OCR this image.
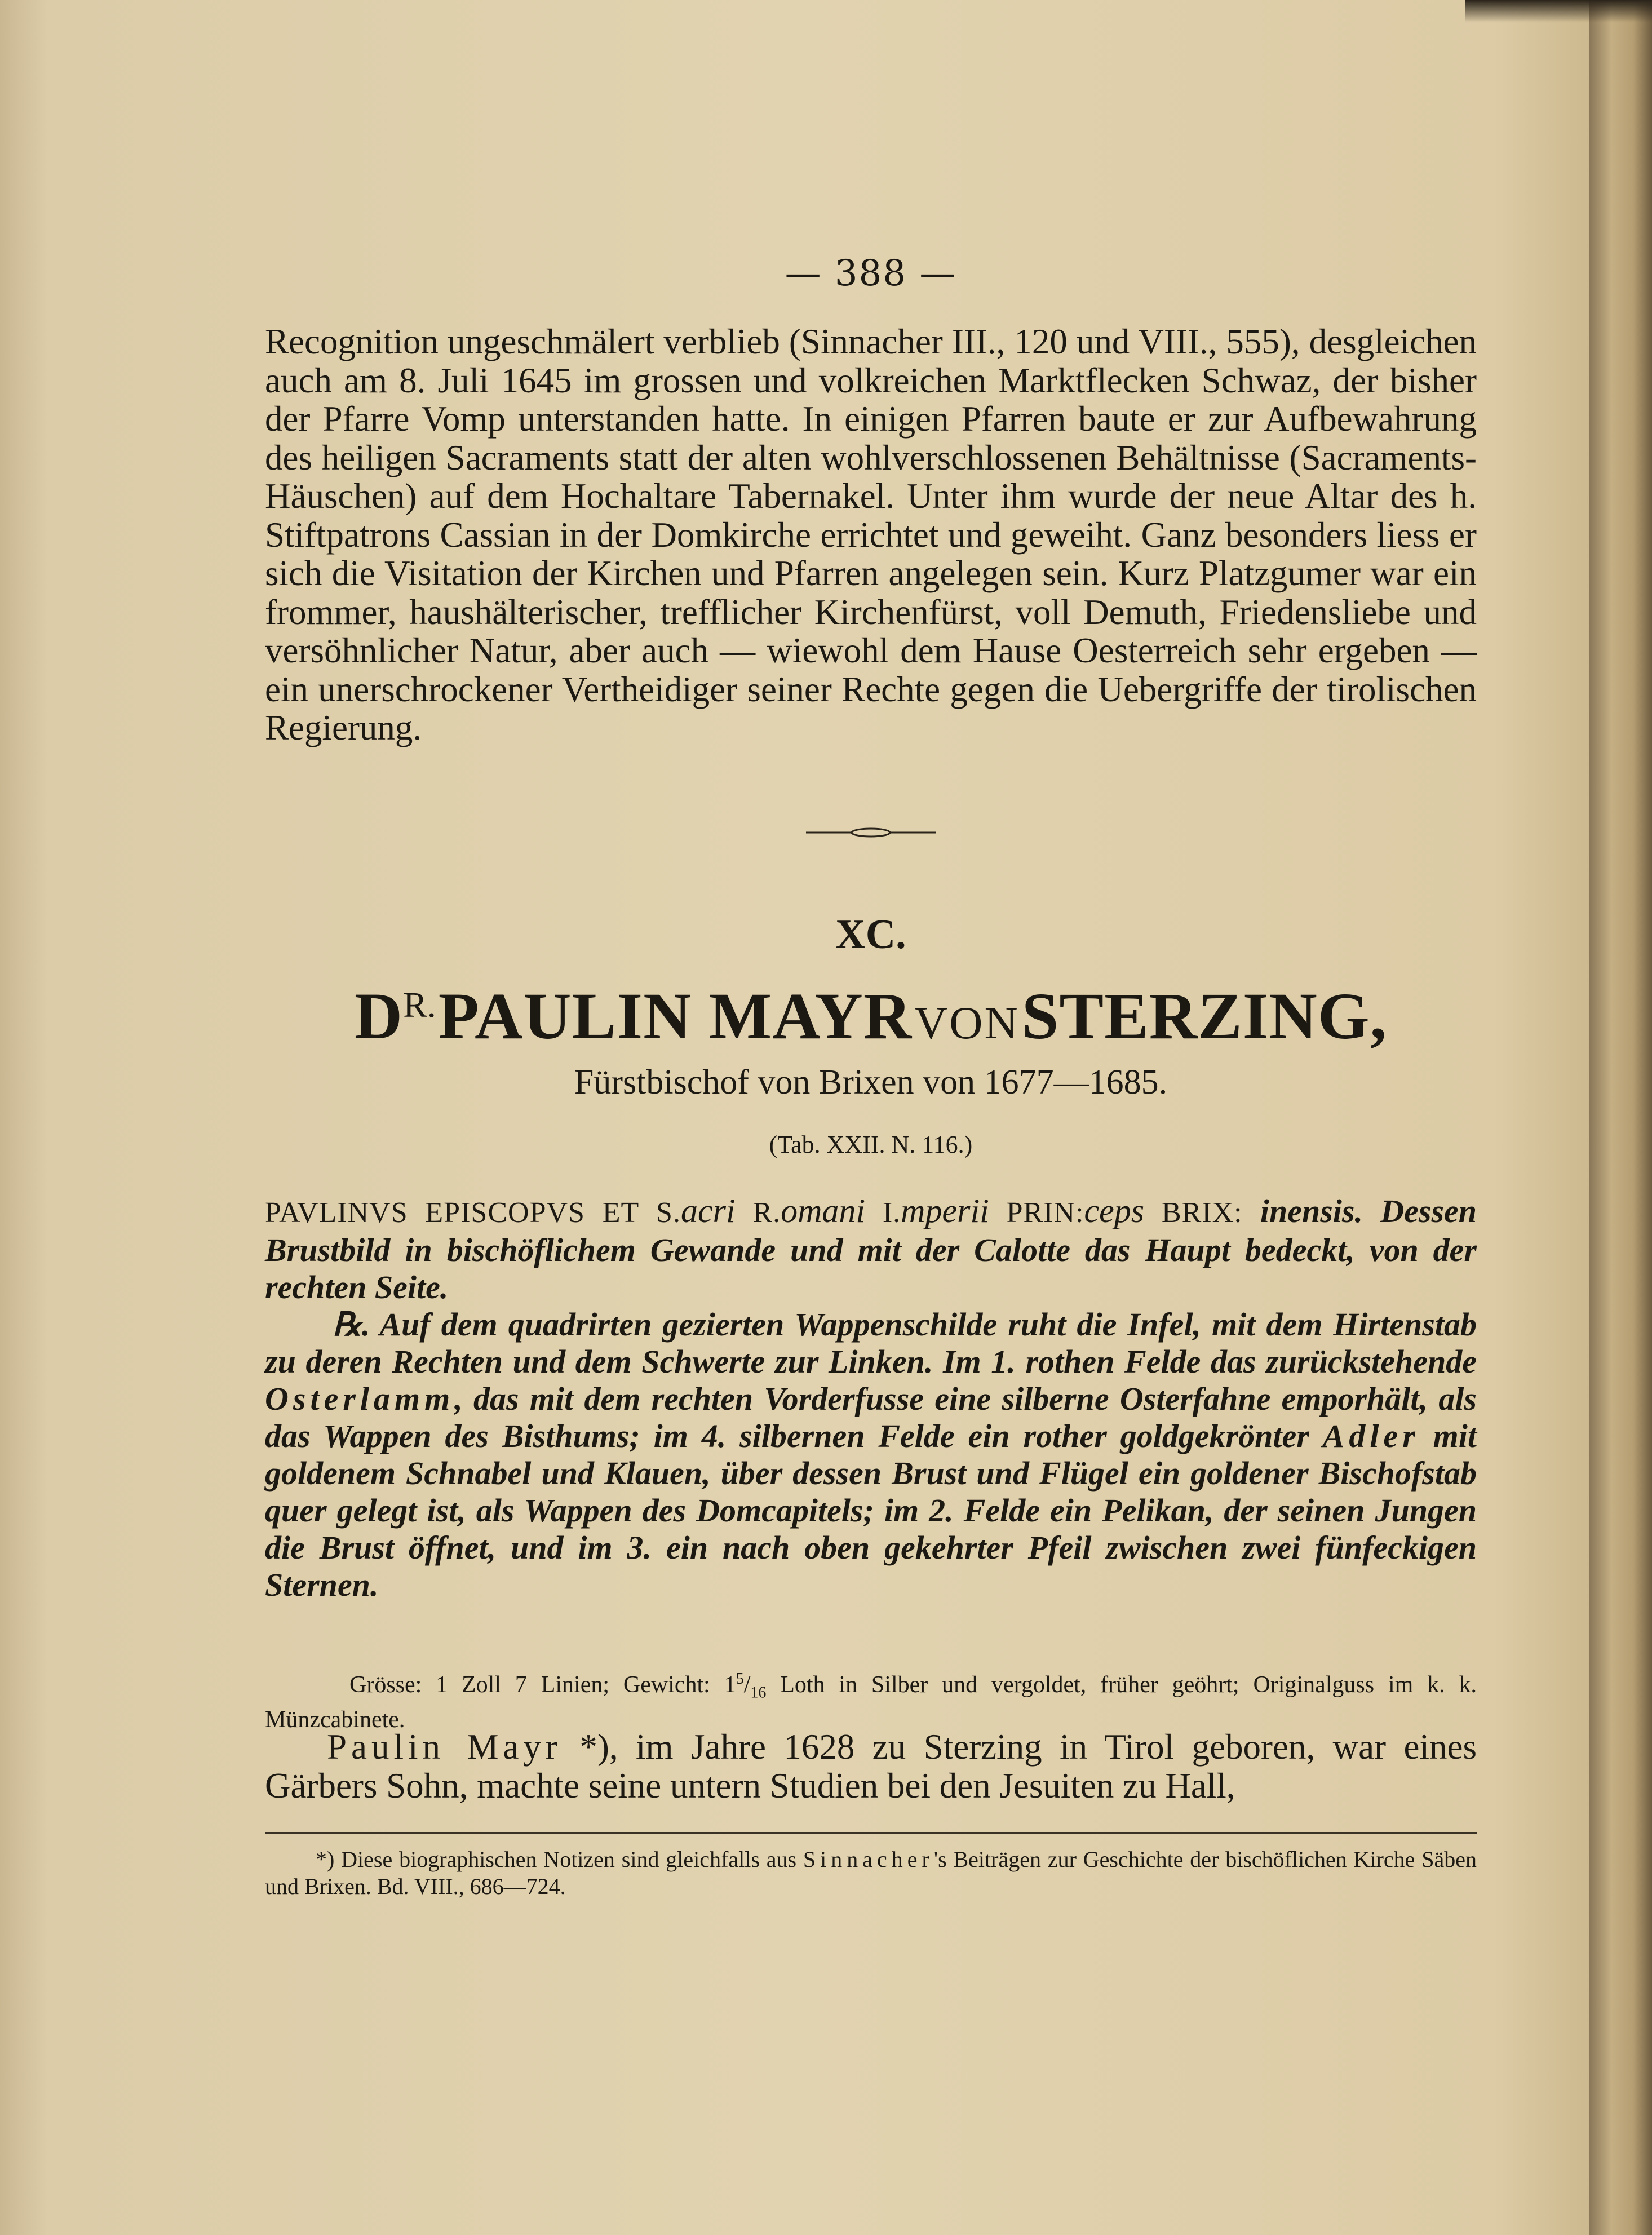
— 388 —

Recognition ungeschmälert verblieb (Sinnacher III., 120 und VIII., 555), desgleichen auch am 8. Juli 1645 im grossen und volkreichen Marktflecken Schwaz, der bisher der Pfarre Vomp unterstanden hatte. In einigen Pfarren baute er zur Aufbewahrung des heiligen Sacraments statt der alten wohlverschlossenen Behältnisse (Sacraments-Häuschen) auf dem Hochaltare Tabernakel. Unter ihm wurde der neue Altar des h. Stiftpatrons Cassian in der Domkirche errichtet und geweiht. Ganz besonders liess er sich die Visitation der Kirchen und Pfarren angelegen sein. Kurz Platzgumer war ein frommer, haushälterischer, trefflicher Kirchenfürst, voll Demuth, Friedensliebe und versöhnlicher Natur, aber auch — wiewohl dem Hause Oesterreich sehr ergeben — ein unerschrockener Vertheidiger seiner Rechte gegen die Uebergriffe der tirolischen Regierung.

XC.
$D^{R.}$ PAULIN MAYR VON STERZING,
Fürstbischof von Brixen von 1677—1685.
(Tab. XXII. N. 116.)
PAVLINVS EPISCOPVS ET S.acri R.omani I.mperii PRIN:ceps BRIX: inensis. Dessen Brustbild in bischöflichem Gewande und mit der Calotte das Haupt bedeckt, von der rechten Seite.
℞. Auf dem quadrirten gezierten Wappenschilde ruht die Infel, mit dem Hirtenstab zu deren Rechten und dem Schwerte zur Linken. Im 1. rothen Felde das zurückstehende Osterlamm, das mit dem rechten Vorderfusse eine silberne Osterfahne emporhält, als das Wappen des Bisthums; im 4. silbernen Felde ein rother goldgekrönter Adler mit goldenem Schnabel und Klauen, über dessen Brust und Flügel ein goldener Bischofstab quer gelegt ist, als Wappen des Domcapitels; im 2. Felde ein Pelikan, der seinen Jungen die Brust öffnet, und im 3. ein nach oben gekehrter Pfeil zwischen zwei fünfeckigen Sternen.
Grösse: 1 Zoll 7 Linien; Gewicht: $1^5/_{16}$ Loth in Silber und vergoldet, früher geöhrt; Originalguss im k. k. Münzcabinete.
Paulin Mayr *), im Jahre 1628 zu Sterzing in Tirol geboren, war eines Gärbers Sohn, machte seine untern Studien bei den Jesuiten zu Hall,
*) Diese biographischen Notizen sind gleichfalls aus Sinnacher's Beiträgen zur Geschichte der bischöflichen Kirche Säben und Brixen. Bd. VIII., 686—724.
